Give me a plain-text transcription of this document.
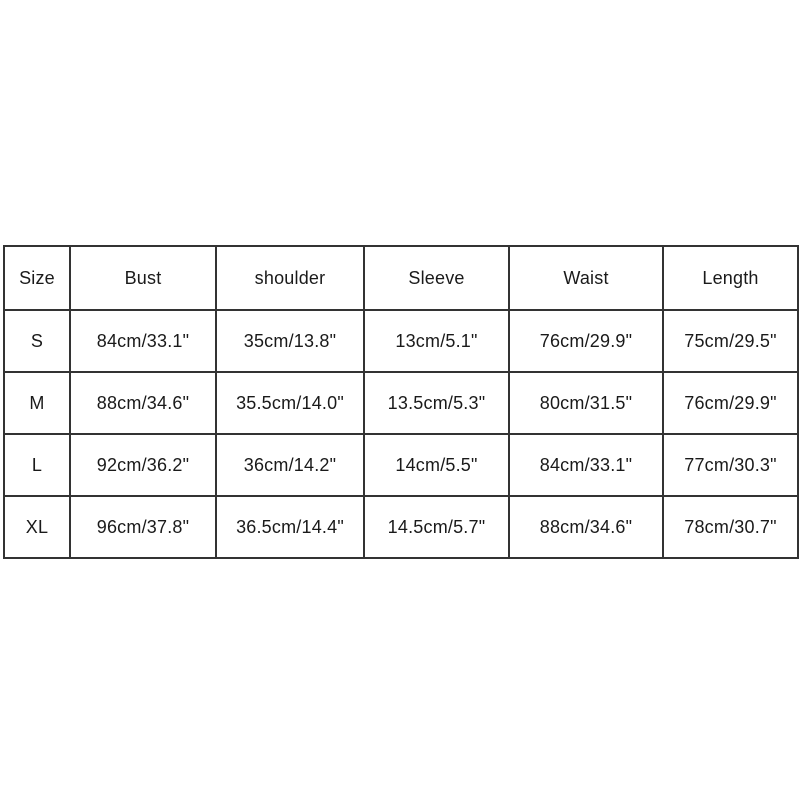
Size	Bust	shoulder	Sleeve	Waist	Length
S	84cm/33.1"	35cm/13.8"	13cm/5.1"	76cm/29.9"	75cm/29.5"
M	88cm/34.6"	35.5cm/14.0"	13.5cm/5.3"	80cm/31.5"	76cm/29.9"
L	92cm/36.2"	36cm/14.2"	14cm/5.5"	84cm/33.1"	77cm/30.3"
XL	96cm/37.8"	36.5cm/14.4"	14.5cm/5.7"	88cm/34.6"	78cm/30.7"
